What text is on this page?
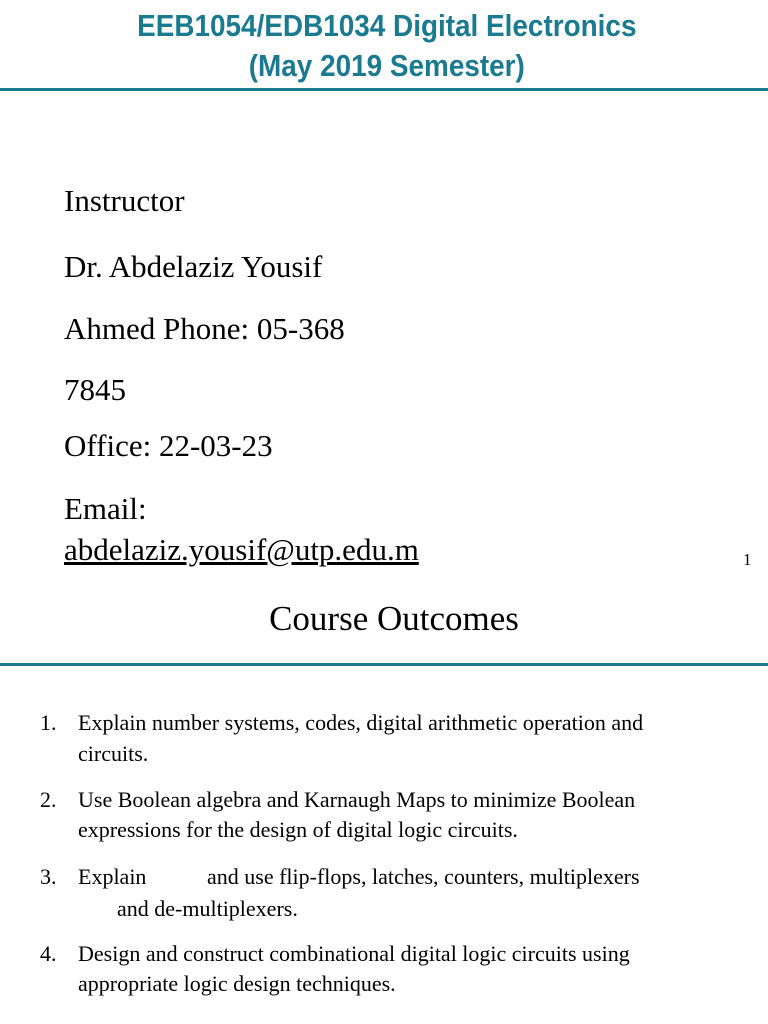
EEB1054/EDB1034 Digital Electronics
(May 2019 Semester)
Instructor
Dr. Abdelaziz Yousif
Ahmed Phone: 05-368
7845
Office: 22-03-23
Email:
abdelaziz.yousif@utp.edu.m	1
Course Outcomes
1. Explain number systems, codes, digital arithmetic operation and
circuits.
2. Use Boolean algebra and Karnaugh Maps to minimize Boolean
expressions for the design of digital logic circuits.
3. Explain	and use flip-flops, latches, counters, multiplexers
and de-multiplexers.
4. Design and construct combinational digital logic circuits using
appropriate logic design techniques.
